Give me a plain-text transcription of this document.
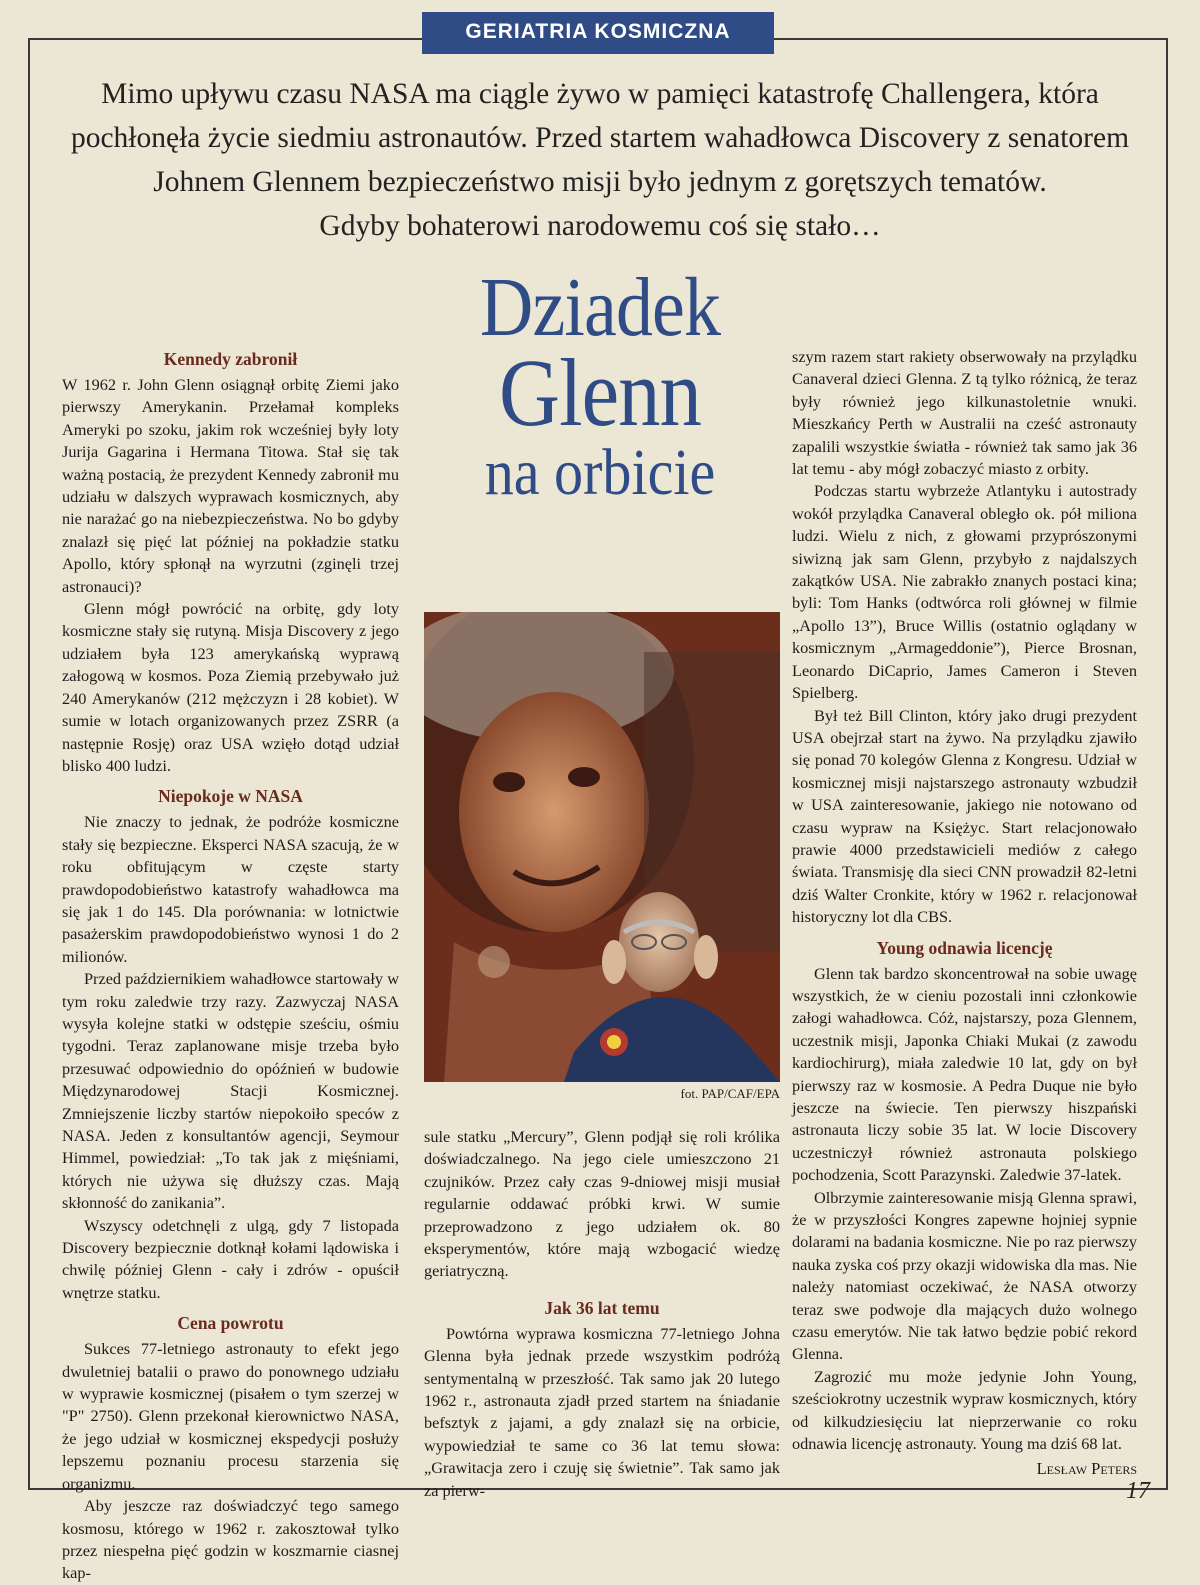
GERIATRIA KOSMICZNA
Mimo upływu czasu NASA ma ciągle żywo w pamięci katastrofę Challengera, która
pochłonęła życie siedmiu astronautów. Przed startem wahadłowca Discovery z senatorem
Johnem Glennem bezpieczeństwo misji było jednym z gorętszych tematów.
Gdyby bohaterowi narodowemu coś się stało…
Kennedy zabronił

W 1962 r. John Glenn osiągnął orbitę Ziemi jako pierwszy Amerykanin. Przełamał kompleks Ameryki po szoku, jakim rok wcześniej były loty Jurija Gagarina i Hermana Titowa. Stał się tak ważną postacią, że prezydent Kennedy zabronił mu udziału w dalszych wyprawach kosmicznych, aby nie narażać go na niebezpieczeństwa. No bo gdyby znalazł się pięć lat później na pokładzie statku Apollo, który spłonął na wyrzutni (zginęli trzej astronauci)?

Glenn mógł powrócić na orbitę, gdy loty kosmiczne stały się rutyną. Misja Discovery z jego udziałem była 123 amerykańską wyprawą załogową w kosmos. Poza Ziemią przebywało już 240 Amerykanów (212 mężczyzn i 28 kobiet). W sumie w lotach organizowanych przez ZSRR (a następnie Rosję) oraz USA wzięło dotąd udział blisko 400 ludzi.

Niepokoje w NASA

Nie znaczy to jednak, że podróże kosmiczne stały się bezpieczne. Eksperci NASA szacują, że w roku obfitującym w częste starty prawdopodobieństwo katastrofy wahadłowca ma się jak 1 do 145. Dla porównania: w lotnictwie pasażerskim prawdopodobieństwo wynosi 1 do 2 milionów.

Przed październikiem wahadłowce startowały w tym roku zaledwie trzy razy. Zazwyczaj NASA wysyła kolejne statki w odstępie sześciu, ośmiu tygodni. Teraz zaplanowane misje trzeba było przesuwać odpowiednio do opóźnień w budowie Międzynarodowej Stacji Kosmicznej. Zmniejszenie liczby startów niepokoiło speców z NASA. Jeden z konsultantów agencji, Seymour Himmel, powiedział: „To tak jak z mięśniami, których nie używa się dłuższy czas. Mają skłonność do zanikania”.

Wszyscy odetchnęli z ulgą, gdy 7 listopada Discovery bezpiecznie dotknął kołami lądowiska i chwilę później Glenn - cały i zdrów - opuścił wnętrze statku.

Cena powrotu

Sukces 77-letniego astronauty to efekt jego dwuletniej batalii o prawo do ponownego udziału w wyprawie kosmicznej (pisałem o tym szerzej w "P" 2750). Glenn przekonał kierownictwo NASA, że jego udział w kosmicznej ekspedycji posłuży lepszemu poznaniu procesu starzenia się organizmu.

Aby jeszcze raz doświadczyć tego samego kosmosu, którego w 1962 r. zakosztował tylko przez niespełna pięć godzin w koszmarnie ciasnej kap-

Dziadek
Glenn
na orbicie
fot. PAP/CAF/EPA

sule statku „Mercury”, Glenn podjął się roli królika doświadczalnego. Na jego ciele umieszczono 21 czujników. Przez cały czas 9-dniowej misji musiał regularnie oddawać próbki krwi. W sumie przeprowadzono z jego udziałem ok. 80 eksperymentów, które mają wzbogacić wiedzę geriatryczną.

Jak 36 lat temu

Powtórna wyprawa kosmiczna 77-letniego Johna Glenna była jednak przede wszystkim podróżą sentymentalną w przeszłość. Tak samo jak 20 lutego 1962 r., astronauta zjadł przed startem na śniadanie befsztyk z jajami, a gdy znalazł się na orbicie, wypowiedział te same co 36 lat temu słowa: „Grawitacja zero i czuję się świetnie”. Tak samo jak za pierw-

szym razem start rakiety obserwowały na przylądku Canaveral dzieci Glenna. Z tą tylko różnicą, że teraz były również jego kilkunastoletnie wnuki. Mieszkańcy Perth w Australii na cześć astronauty zapalili wszystkie światła - również tak samo jak 36 lat temu - aby mógł zobaczyć miasto z orbity.

Podczas startu wybrzeże Atlantyku i autostrady wokół przylądka Canaveral obległo ok. pół miliona ludzi. Wielu z nich, z głowami przyprószonymi siwizną jak sam Glenn, przybyło z najdalszych zakątków USA. Nie zabrakło znanych postaci kina; byli: Tom Hanks (odtwórca roli głównej w filmie „Apollo 13”), Bruce Willis (ostatnio oglądany w kosmicznym „Armageddonie”), Pierce Brosnan, Leonardo DiCaprio, James Cameron i Steven Spielberg.

Był też Bill Clinton, który jako drugi prezydent USA obejrzał start na żywo. Na przylądku zjawiło się ponad 70 kolegów Glenna z Kongresu. Udział w kosmicznej misji najstarszego astronauty wzbudził w USA zainteresowanie, jakiego nie notowano od czasu wypraw na Księżyc. Start relacjonowało prawie 4000 przedstawicieli mediów z całego świata. Transmisję dla sieci CNN prowadził 82-letni dziś Walter Cronkite, który w 1962 r. relacjonował historyczny lot dla CBS.

Young odnawia licencję

Glenn tak bardzo skoncentrował na sobie uwagę wszystkich, że w cieniu pozostali inni członkowie załogi wahadłowca. Cóż, najstarszy, poza Glennem, uczestnik misji, Japonka Chiaki Mukai (z zawodu kardiochirurg), miała zaledwie 10 lat, gdy on był pierwszy raz w kosmosie. A Pedra Duque nie było jeszcze na świecie. Ten pierwszy hiszpański astronauta liczy sobie 35 lat. W locie Discovery uczestniczył również astronauta polskiego pochodzenia, Scott Parazynski. Zaledwie 37-latek.

Olbrzymie zainteresowanie misją Glenna sprawi, że w przyszłości Kongres zapewne hojniej sypnie dolarami na badania kosmiczne. Nie po raz pierwszy nauka zyska coś przy okazji widowiska dla mas. Nie należy natomiast oczekiwać, że NASA otworzy teraz swe podwoje dla mających dużo wolnego czasu emerytów. Nie tak łatwo będzie pobić rekord Glenna.

Zagrozić mu może jedynie John Young, sześciokrotny uczestnik wypraw kosmicznych, który od kilkudziesięciu lat nieprzerwanie co roku odnawia licencję astronauty. Young ma dziś 68 lat.

Lesław Peters
17
